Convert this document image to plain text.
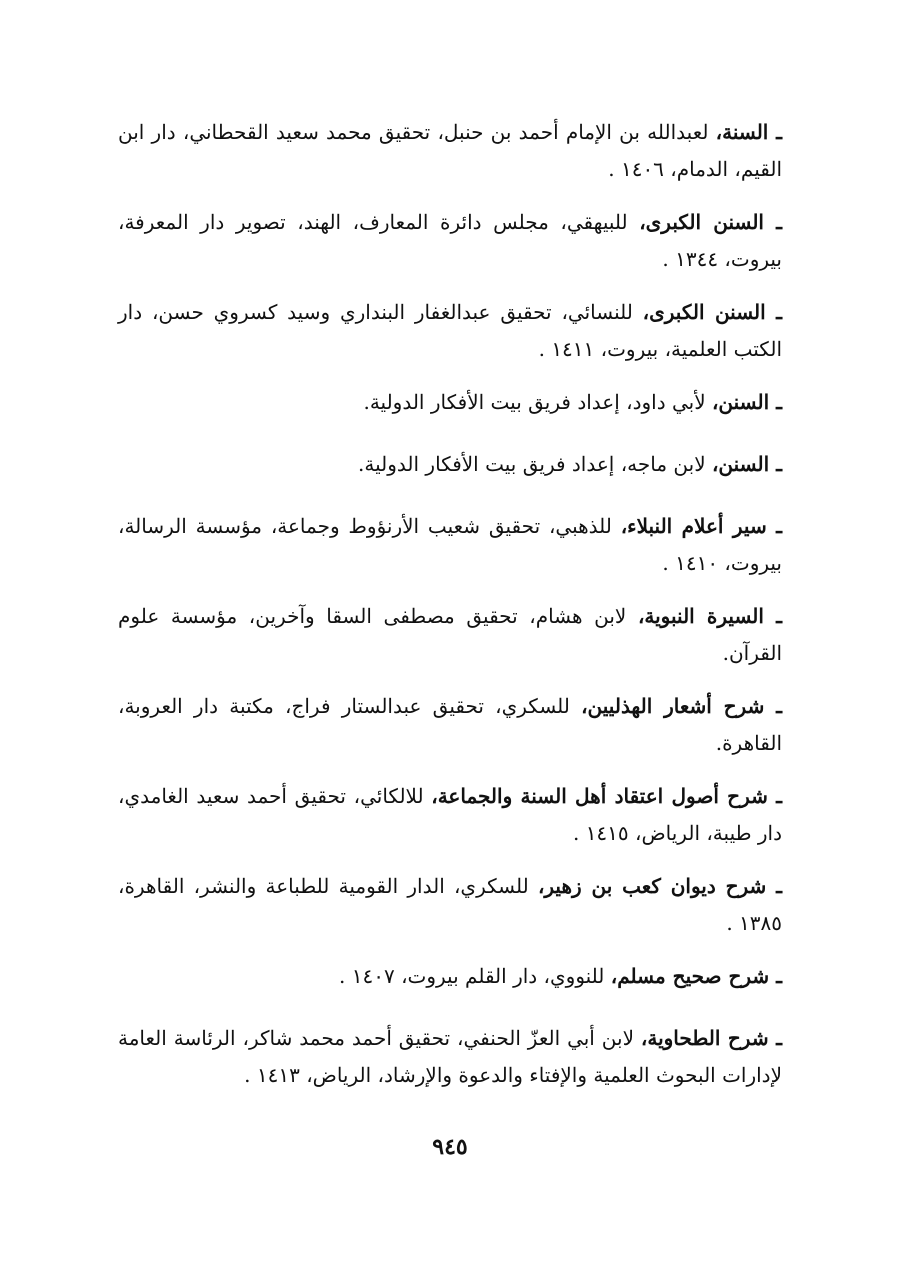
ـ السنة، لعبدالله بن الإمام أحمد بن حنبل، تحقيق محمد سعيد القحطاني، دار ابن القيم، الدمام، ١٤٠٦ .
ـ السنن الكبرى، للبيهقي، مجلس دائرة المعارف، الهند، تصوير دار المعرفة، بيروت، ١٣٤٤ .
ـ السنن الكبرى، للنسائي، تحقيق عبدالغفار البنداري وسيد كسروي حسن، دار الكتب العلمية، بيروت، ١٤١١ .
ـ السنن، لأبي داود، إعداد فريق بيت الأفكار الدولية.
ـ السنن، لابن ماجه، إعداد فريق بيت الأفكار الدولية.
ـ سير أعلام النبلاء، للذهبي، تحقيق شعيب الأرنؤوط وجماعة، مؤسسة الرسالة، بيروت، ١٤١٠ .
ـ السيرة النبوية، لابن هشام، تحقيق مصطفى السقا وآخرين، مؤسسة علوم القرآن.
ـ شرح أشعار الهذليين، للسكري، تحقيق عبدالستار فراج، مكتبة دار العروبة، القاهرة.
ـ شرح أصول اعتقاد أهل السنة والجماعة، للالكائي، تحقيق أحمد سعيد الغامدي، دار طيبة، الرياض، ١٤١٥ .
ـ شرح ديوان كعب بن زهير، للسكري، الدار القومية للطباعة والنشر، القاهرة، ١٣٨٥ .
ـ شرح صحيح مسلم، للنووي، دار القلم بيروت، ١٤٠٧ .
ـ شرح الطحاوية، لابن أبي العزّ الحنفي، تحقيق أحمد محمد شاكر، الرئاسة العامة لإدارات البحوث العلمية والإفتاء والدعوة والإرشاد، الرياض، ١٤١٣ .
٩٤٥
